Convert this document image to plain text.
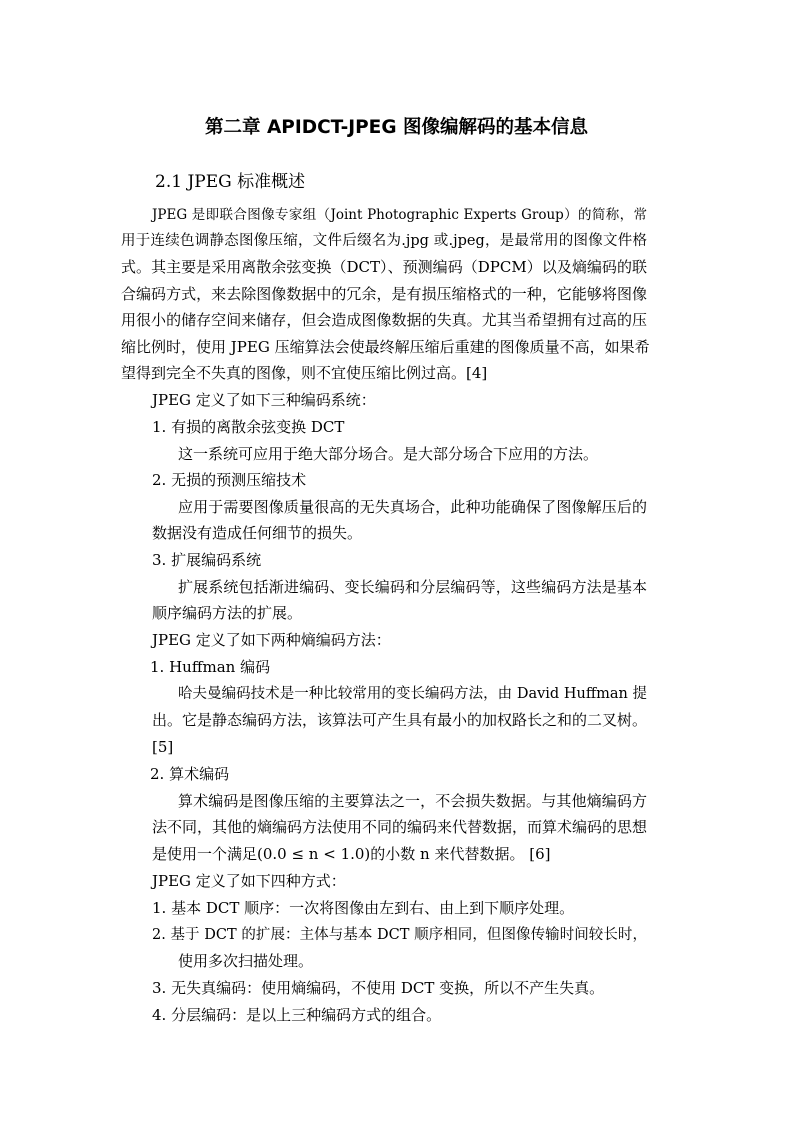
第二章 APIDCT-JPEG 图像编解码的基本信息
2.1 JPEG 标准概述
JPEG 是即联合图像专家组（Joint Photographic Experts Group）的简称，常
用于连续色调静态图像压缩，文件后缀名为.jpg 或.jpeg，是最常用的图像文件格
式。其主要是采用离散余弦变换（DCT）、预测编码（DPCM）以及熵编码的联
合编码方式，来去除图像数据中的冗余，是有损压缩格式的一种，它能够将图像
用很小的储存空间来储存，但会造成图像数据的失真。尤其当希望拥有过高的压
缩比例时，使用 JPEG 压缩算法会使最终解压缩后重建的图像质量不高，如果希
望得到完全不失真的图像，则不宜使压缩比例过高。[4]
JPEG 定义了如下三种编码系统：
1. 有损的离散余弦变换 DCT
这一系统可应用于绝大部分场合。是大部分场合下应用的方法。
2. 无损的预测压缩技术
应用于需要图像质量很高的无失真场合，此种功能确保了图像解压后的
数据没有造成任何细节的损失。
3. 扩展编码系统
扩展系统包括渐进编码、变长编码和分层编码等，这些编码方法是基本
顺序编码方法的扩展。
JPEG 定义了如下两种熵编码方法：
1. Huffman 编码
哈夫曼编码技术是一种比较常用的变长编码方法，由 David Huffman 提
出。它是静态编码方法，该算法可产生具有最小的加权路长之和的二叉树。
[5]
2. 算术编码
算术编码是图像压缩的主要算法之一，不会损失数据。与其他熵编码方
法不同，其他的熵编码方法使用不同的编码来代替数据，而算术编码的思想
是使用一个满足(0.0 ≤ n < 1.0)的小数 n 来代替数据。 [6]
JPEG 定义了如下四种方式：
1. 基本 DCT 顺序：一次将图像由左到右、由上到下顺序处理。
2. 基于 DCT 的扩展：主体与基本 DCT 顺序相同，但图像传输时间较长时，
使用多次扫描处理。
3. 无失真编码：使用熵编码，不使用 DCT 变换，所以不产生失真。
4. 分层编码：是以上三种编码方式的组合。
